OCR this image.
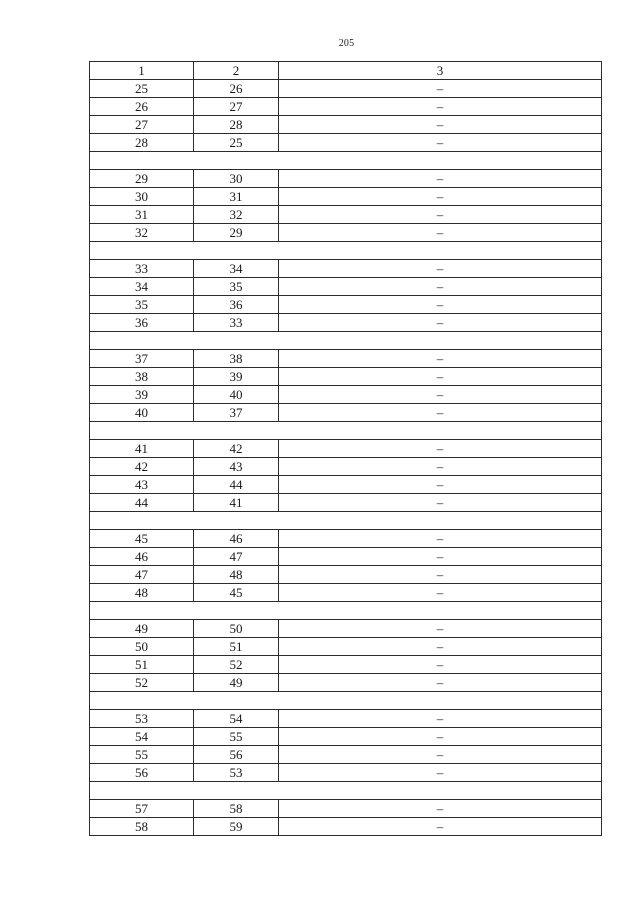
205
1	2	3
25	26	–
26	27	–
27	28	–
28	25	–

29	30	–
30	31	–
31	32	–
32	29	–

33	34	–
34	35	–
35	36	–
36	33	–

37	38	–
38	39	–
39	40	–
40	37	–

41	42	–
42	43	–
43	44	–
44	41	–

45	46	–
46	47	–
47	48	–
48	45	–

49	50	–
50	51	–
51	52	–
52	49	–

53	54	–
54	55	–
55	56	–
56	53	–

57	58	–
58	59	–
